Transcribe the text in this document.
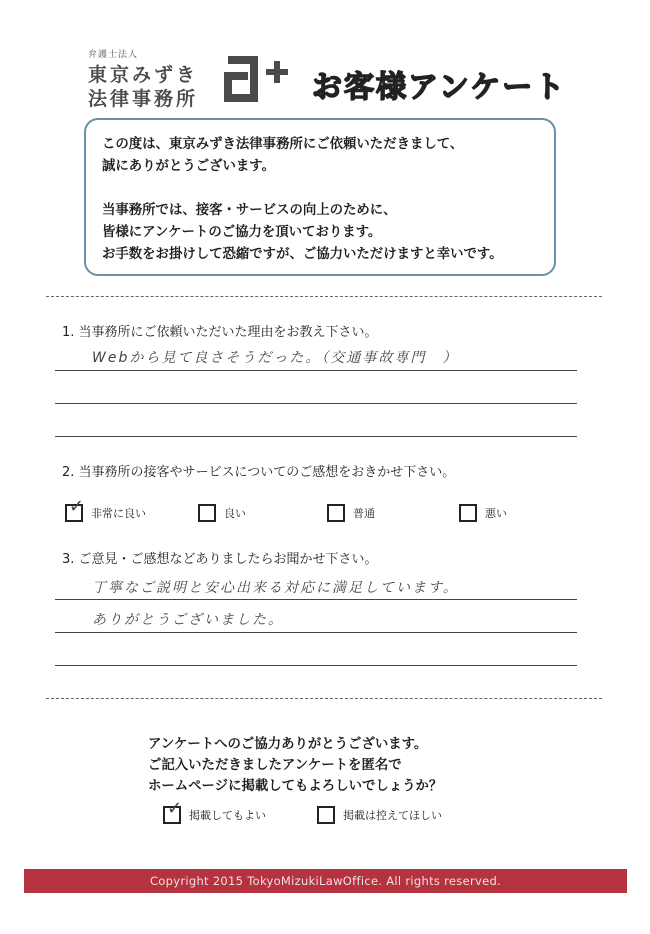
弁護士法人
東京みずき
法律事務所	お客様アンケート

この度は、東京みずき法律事務所にご依頼いただきまして、

誠にありがとうございます。

当事務所では、接客・サービスの向上のために、

皆様にアンケートのご協力を頂いております。

お手数をお掛けして恐縮ですが、ご協力いただけますと幸いです。

1. 当事務所にご依頼いただいた理由をお教え下さい。
Webから見て良さそうだった。（交通事故専門　）
2. 当事務所の接客やサービスについてのご感想をおきかせ下さい。
✓ 非常に良い	良い	普通	悪い
3. ご意見・ご感想などありましたらお聞かせ下さい。
丁寧なご説明と安心出来る対応に満足しています。
ありがとうございました。
アンケートへのご協力ありがとうございます。
ご記入いただきましたアンケートを匿名で
ホームページに掲載してもよろしいでしょうか？
✓ 掲載してもよい	掲載は控えてほしい
Copyright 2015 TokyoMizukiLawOffice. All rights reserved.
